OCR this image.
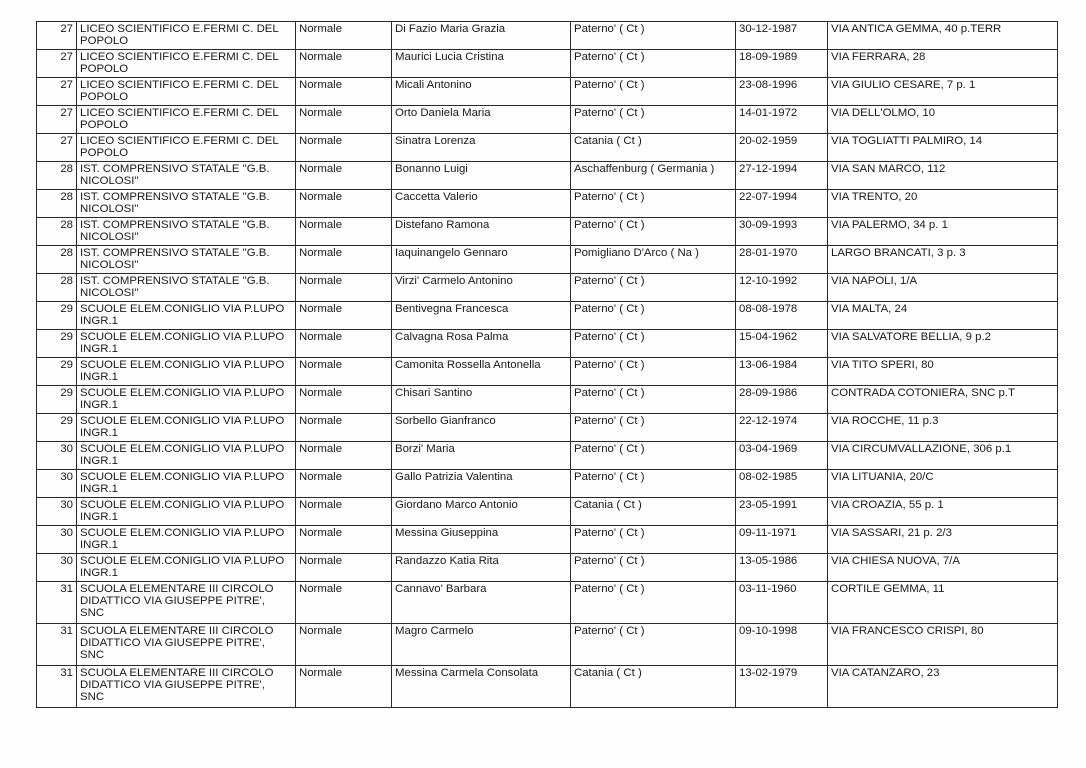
27	LICEO SCIENTIFICO E.FERMI C. DEL POPOLO	Normale	Di Fazio Maria Grazia	Paterno' ( Ct )	30-12-1987	VIA ANTICA GEMMA, 40 p.TERR
27	LICEO SCIENTIFICO E.FERMI C. DEL POPOLO	Normale	Maurici Lucia Cristina	Paterno' ( Ct )	18-09-1989	VIA FERRARA, 28
27	LICEO SCIENTIFICO E.FERMI C. DEL POPOLO	Normale	Micali Antonino	Paterno' ( Ct )	23-08-1996	VIA GIULIO CESARE, 7 p. 1
27	LICEO SCIENTIFICO E.FERMI C. DEL POPOLO	Normale	Orto Daniela Maria	Paterno' ( Ct )	14-01-1972	VIA DELL'OLMO, 10
27	LICEO SCIENTIFICO E.FERMI C. DEL POPOLO	Normale	Sinatra Lorenza	Catania ( Ct )	20-02-1959	VIA TOGLIATTI PALMIRO, 14
28	IST. COMPRENSIVO STATALE "G.B. NICOLOSI"	Normale	Bonanno Luigi	Aschaffenburg ( Germania )	27-12-1994	VIA SAN MARCO, 112
28	IST. COMPRENSIVO STATALE "G.B. NICOLOSI"	Normale	Caccetta Valerio	Paterno' ( Ct )	22-07-1994	VIA TRENTO, 20
28	IST. COMPRENSIVO STATALE "G.B. NICOLOSI"	Normale	Distefano Ramona	Paterno' ( Ct )	30-09-1993	VIA PALERMO, 34 p. 1
28	IST. COMPRENSIVO STATALE "G.B. NICOLOSI"	Normale	Iaquinangelo Gennaro	Pomigliano D'Arco ( Na )	28-01-1970	LARGO BRANCATI, 3 p. 3
28	IST. COMPRENSIVO STATALE "G.B. NICOLOSI"	Normale	Virzi' Carmelo Antonino	Paterno' ( Ct )	12-10-1992	VIA NAPOLI, 1/A
29	SCUOLE ELEM.CONIGLIO VIA P.LUPO INGR.1	Normale	Bentivegna Francesca	Paterno' ( Ct )	08-08-1978	VIA MALTA, 24
29	SCUOLE ELEM.CONIGLIO VIA P.LUPO INGR.1	Normale	Calvagna Rosa Palma	Paterno' ( Ct )	15-04-1962	VIA SALVATORE BELLIA, 9 p.2
29	SCUOLE ELEM.CONIGLIO VIA P.LUPO INGR.1	Normale	Camonita Rossella Antonella	Paterno' ( Ct )	13-06-1984	VIA TITO SPERI, 80
29	SCUOLE ELEM.CONIGLIO VIA P.LUPO INGR.1	Normale	Chisari Santino	Paterno' ( Ct )	28-09-1986	CONTRADA COTONIERA, SNC p.T
29	SCUOLE ELEM.CONIGLIO VIA P.LUPO INGR.1	Normale	Sorbello Gianfranco	Paterno' ( Ct )	22-12-1974	VIA ROCCHE, 11 p.3
30	SCUOLE ELEM.CONIGLIO VIA P.LUPO INGR.1	Normale	Borzi' Maria	Paterno' ( Ct )	03-04-1969	VIA CIRCUMVALLAZIONE, 306 p.1
30	SCUOLE ELEM.CONIGLIO VIA P.LUPO INGR.1	Normale	Gallo Patrizia Valentina	Paterno' ( Ct )	08-02-1985	VIA LITUANIA, 20/C
30	SCUOLE ELEM.CONIGLIO VIA P.LUPO INGR.1	Normale	Giordano Marco Antonio	Catania ( Ct )	23-05-1991	VIA CROAZIA, 55 p. 1
30	SCUOLE ELEM.CONIGLIO VIA P.LUPO INGR.1	Normale	Messina Giuseppina	Paterno' ( Ct )	09-11-1971	VIA SASSARI, 21 p. 2/3
30	SCUOLE ELEM.CONIGLIO VIA P.LUPO INGR.1	Normale	Randazzo Katia Rita	Paterno' ( Ct )	13-05-1986	VIA CHIESA NUOVA, 7/A
31	SCUOLA ELEMENTARE III CIRCOLO DIDATTICO VIA GIUSEPPE PITRE', SNC	Normale	Cannavo' Barbara	Paterno' ( Ct )	03-11-1960	CORTILE GEMMA, 11
31	SCUOLA ELEMENTARE III CIRCOLO DIDATTICO VIA GIUSEPPE PITRE', SNC	Normale	Magro Carmelo	Paterno' ( Ct )	09-10-1998	VIA FRANCESCO CRISPI, 80
31	SCUOLA ELEMENTARE III CIRCOLO DIDATTICO VIA GIUSEPPE PITRE', SNC	Normale	Messina Carmela Consolata	Catania ( Ct )	13-02-1979	VIA CATANZARO, 23
